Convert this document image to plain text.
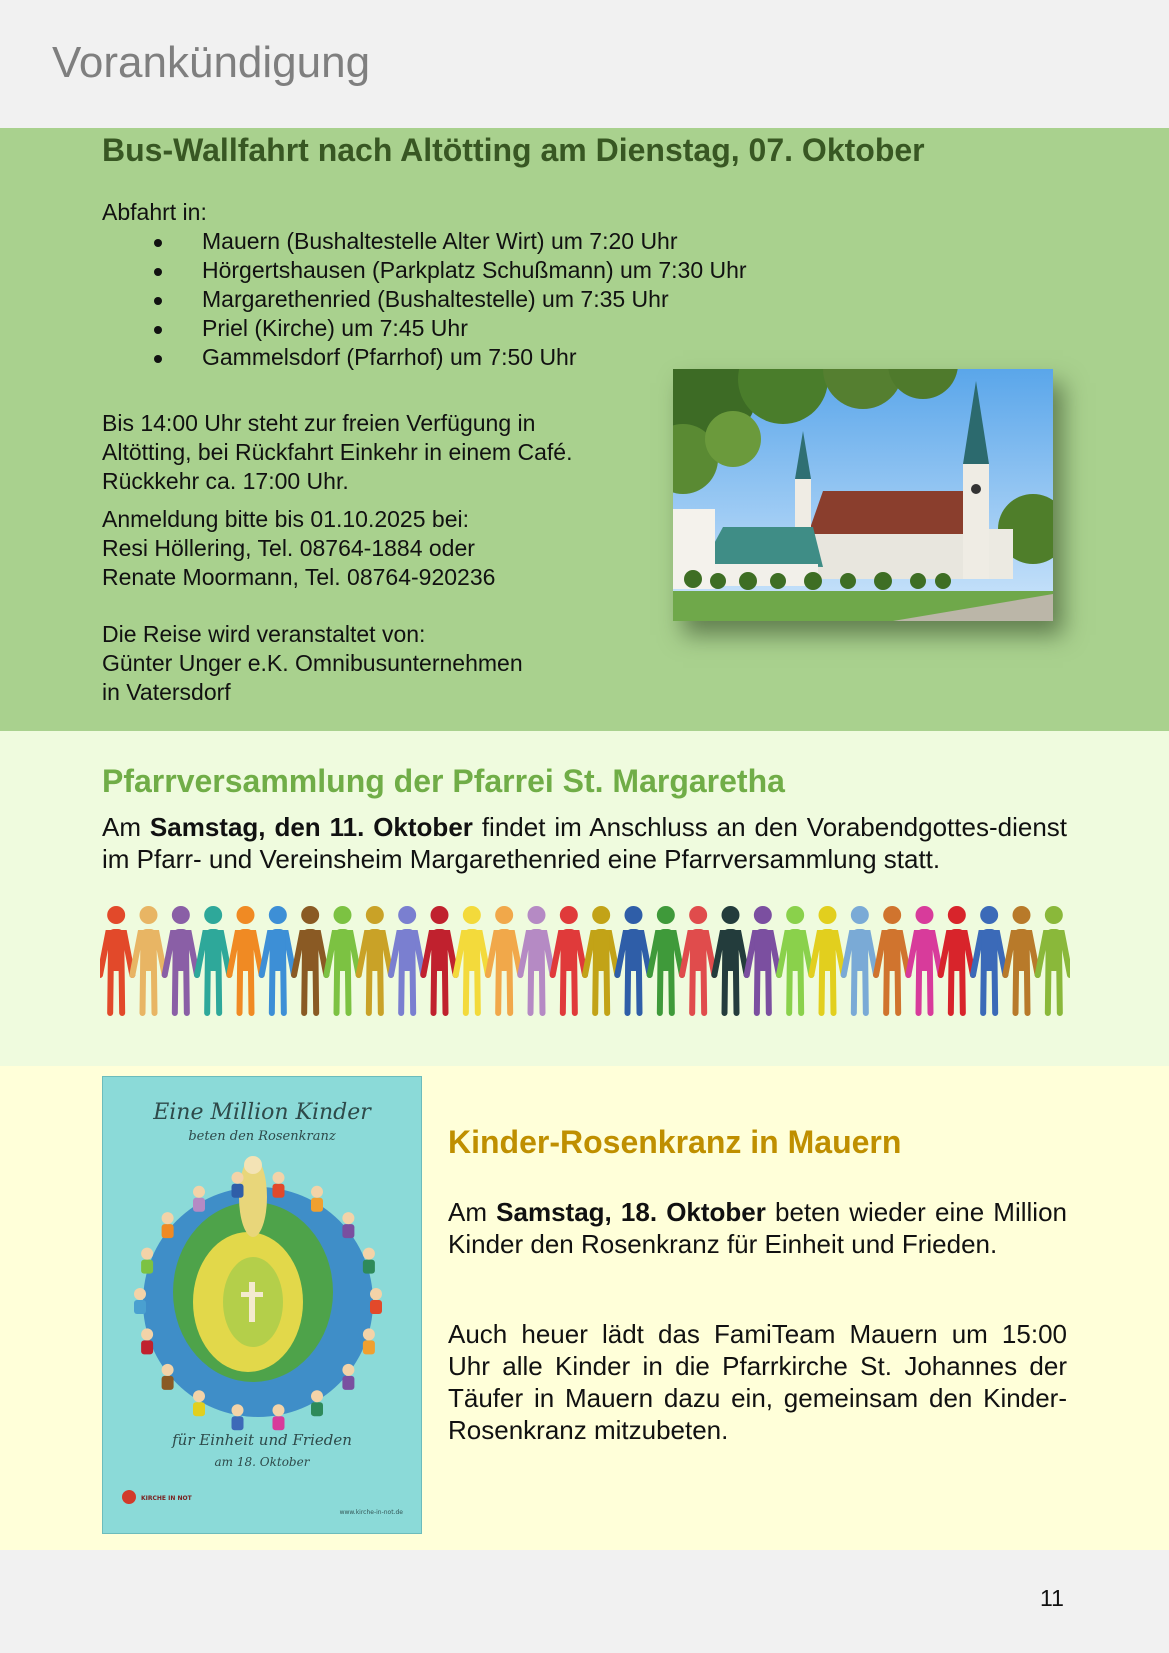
Vorankündigung
Bus-Wallfahrt nach Altötting am Dienstag, 07. Oktober
Abfahrt in:
Mauern (Bushaltestelle Alter Wirt) um 7:20 Uhr
Hörgertshausen (Parkplatz Schußmann) um 7:30 Uhr
Margarethenried (Bushaltestelle) um 7:35 Uhr
Priel (Kirche) um 7:45 Uhr
Gammelsdorf (Pfarrhof) um 7:50 Uhr
Bis 14:00 Uhr steht zur freien Verfügung in
Altötting, bei Rückfahrt Einkehr in einem Café.
Rückkehr ca. 17:00 Uhr.
Anmeldung bitte bis 01.10.2025 bei:
Resi Höllering, Tel. 08764-1884 oder
Renate Moormann, Tel. 08764-920236
Die Reise wird veranstaltet von:
Günter Unger e.K. Omnibusunternehmen
in Vatersdorf
Pfarrversammlung der Pfarrei St. Margaretha

Am Samstag, den 11. Oktober findet im Anschluss an den Vorabendgottes-dienst im Pfarr- und Vereinsheim Margarethenried eine Pfarrversammlung statt.

Eine Million Kinder
beten den Rosenkranz
für Einheit und Frieden
am 18. Oktober
KIRCHE IN NOT
www.kirche-in-not.de
Kinder-Rosenkranz in Mauern

Am Samstag, 18. Oktober beten wieder eine Million Kinder den Rosenkranz für Einheit und Frieden.

Auch heuer lädt das FamiTeam Mauern um 15:00 Uhr alle Kinder in die Pfarrkirche St. Johannes der Täufer in Mauern dazu ein, gemeinsam den Kinder-Rosenkranz mitzubeten.

11
